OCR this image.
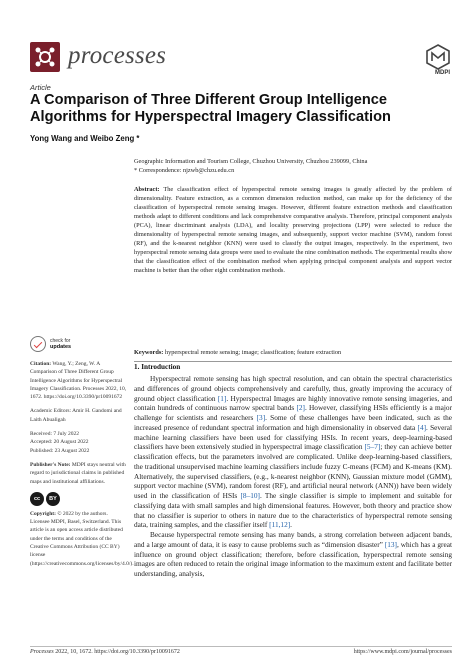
processes
MDPI
Article
A Comparison of Three Different Group Intelligence Algorithms for Hyperspectral Imagery Classification
Yong Wang and Weibo Zeng *
Geographic Information and Tourism College, Chuzhou University, Chuzhou 239099, China
* Correspondence: njzwb@chzu.edu.cn
Abstract: The classification effect of hyperspectral remote sensing images is greatly affected by the problem of dimensionality. Feature extraction, as a common dimension reduction method, can make up for the deficiency of the classification of hyperspectral remote sensing images. However, different feature extraction methods and classification methods adapt to different conditions and lack comprehensive comparative analysis. Therefore, principal component analysis (PCA), linear discriminant analysis (LDA), and locality preserving projections (LPP) were selected to reduce the dimensionality of hyperspectral remote sensing images, and subsequently, support vector machine (SVM), random forest (RF), and the k-nearest neighbor (KNN) were used to classify the output images, respectively. In the experiment, two hyperspectral remote sensing data groups were used to evaluate the nine combination methods. The experimental results show that the classification effect of the combination method when applying principal component analysis and support vector machine is better than the other eight combination methods.
Keywords: hyperspectral remote sensing; image; classification; feature extraction
check for
updates
Citation: Wang, Y.; Zeng, W. A Comparison of Three Different Group Intelligence Algorithms for Hyperspectral Imagery Classification. Processes 2022, 10, 1672. https://doi.org/10.3390/pr10091672
Academic Editors: Amir H. Gandomi and Laith Abualigah
Received: 7 July 2022
Accepted: 20 August 2022
Published: 23 August 2022
Publisher's Note: MDPI stays neutral with regard to jurisdictional claims in published maps and institutional affiliations.
cc	BY
Copyright: © 2022 by the authors. Licensee MDPI, Basel, Switzerland. This article is an open access article distributed under the terms and conditions of the Creative Commons Attribution (CC BY) license (https://creativecommons.org/licenses/by/4.0/).
1. Introduction

Hyperspectral remote sensing has high spectral resolution, and can obtain the spectral characteristics and differences of ground objects comprehensively and carefully, thus, greatly improving the accuracy of ground object classification [1]. Hyperspectral Images are highly innovative remote sensing imageries, and contain hundreds of continuous narrow spectral bands [2]. However, classifying HSIs efficiently is a major challenge for scientists and researchers [3]. Some of these challenges have been indicated, such as the increased presence of redundant spectral information and high dimensionality in observed data [4]. Several machine learning classifiers have been used for classifying HSIs. In recent years, deep-learning-based classifiers have been extensively studied in hyperspectral image classification [5–7]; they can achieve better classification effects, but the parameters involved are complicated. Unlike deep-learning-based classifiers, the traditional unsupervised machine learning classifiers include fuzzy C-means (FCM) and K-means (KM). Alternatively, the supervised classifiers, (e.g., k-nearest neighbor (KNN), Gaussian mixture model (GMM), support vector machine (SVM), random forest (RF), and artificial neural network (ANN)) have been widely used in the classification of HSIs [8–10]. The single classifier is simple to implement and suitable for classifying data with small samples and high dimensional features. However, both theory and practice show that no classifier is superior to others in nature due to the characteristics of hyperspectral remote sensing data, training samples, and the classifier itself [11,12].

Because hyperspectral remote sensing has many bands, a strong correlation between adjacent bands, and a large amount of data, it is easy to cause problems such as “dimension disaster” [13], which has a great influence on ground object classification; therefore, before classification, hyperspectral remote sensing images are often reduced to retain the original image information to the maximum extent and facilitate better understanding, analysis,

Processes 2022, 10, 1672. https://doi.org/10.3390/pr10091672	https://www.mdpi.com/journal/processes
